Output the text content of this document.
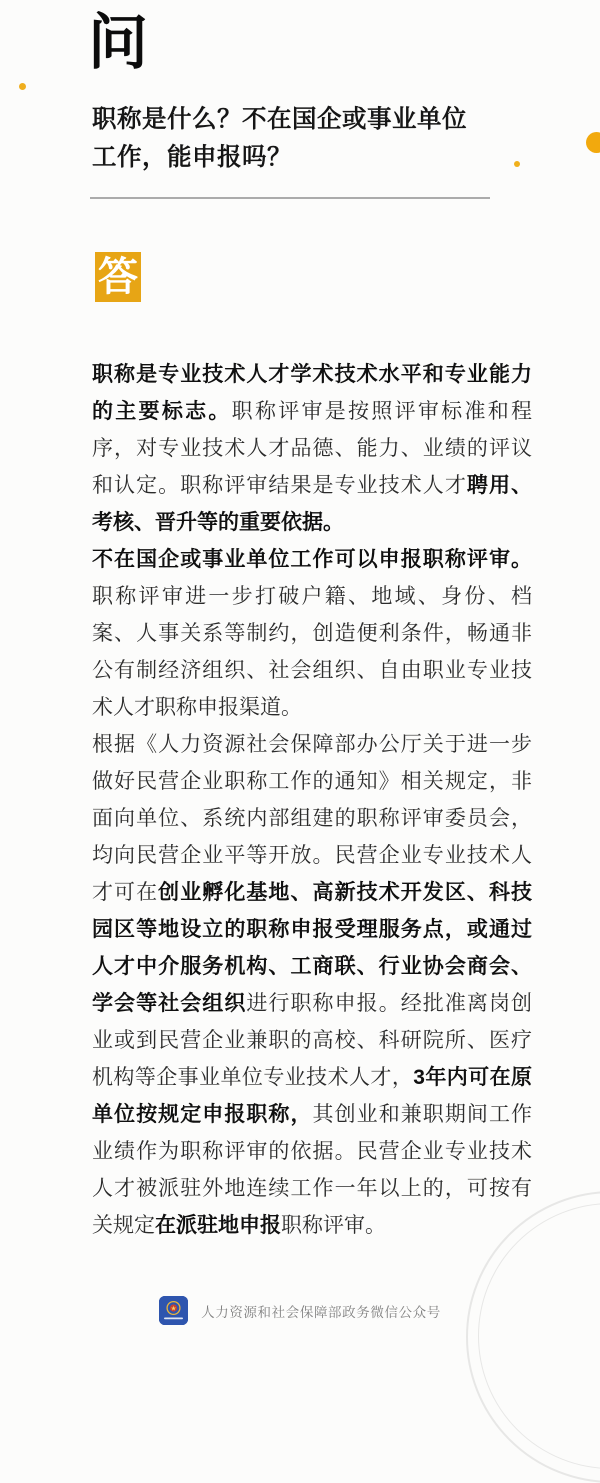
问
职称是什么？不在国企或事业单位
工作，能申报吗？
答

职称是专业技术人才学术技术水平和专业能力的主要标志。职称评审是按照评审标准和程序，对专业技术人才品德、能力、业绩的评议和认定。职称评审结果是专业技术人才聘用、考核、晋升等的重要依据。

不在国企或事业单位工作可以申报职称评审。职称评审进一步打破户籍、地域、身份、档案、人事关系等制约，创造便利条件，畅通非公有制经济组织、社会组织、自由职业专业技术人才职称申报渠道。

根据《人力资源社会保障部办公厅关于进一步做好民营企业职称工作的通知》相关规定，非面向单位、系统内部组建的职称评审委员会，均向民营企业平等开放。民营企业专业技术人才可在创业孵化基地、高新技术开发区、科技园区等地设立的职称申报受理服务点，或通过人才中介服务机构、工商联、行业协会商会、学会等社会组织进行职称申报。经批准离岗创业或到民营企业兼职的高校、科研院所、医疗机构等企事业单位专业技术人才，3年内可在原单位按规定申报职称，其创业和兼职期间工作业绩作为职称评审的依据。民营企业专业技术人才被派驻外地连续工作一年以上的，可按有关规定在派驻地申报职称评审。

★ 人力资源和社会保障部政务微信公众号
